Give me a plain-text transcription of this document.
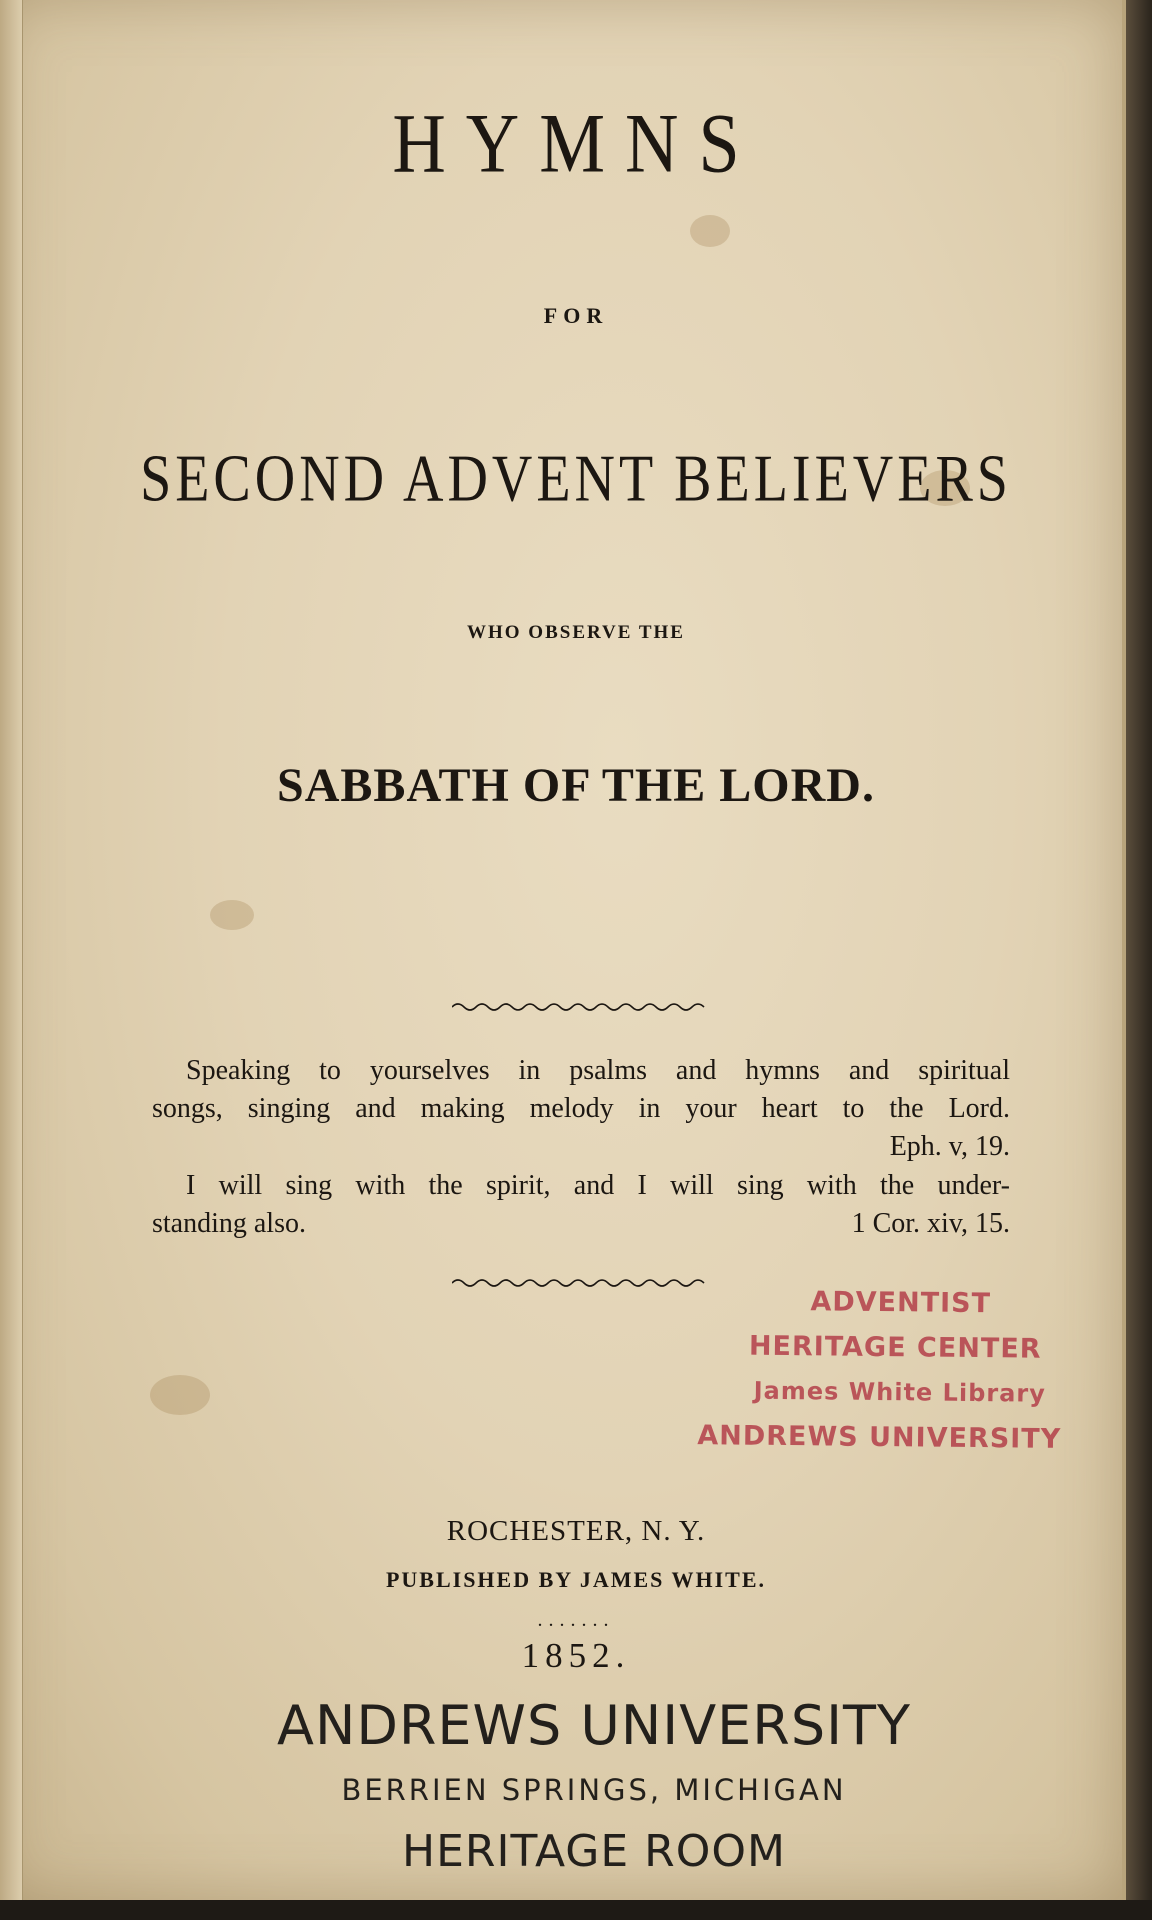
HYMNS
FOR
SECOND ADVENT BELIEVERS
WHO OBSERVE THE
SABBATH OF THE LORD.
Speaking to yourselves in psalms and hymns and spiritual
songs, singing and making melody in your heart to the Lord.
Eph. v, 19.
I will sing with the spirit, and I will sing with the under-
standing also.	1 Cor. xiv, 15.
ADVENTIST
HERITAGE CENTER
James White Library
ANDREWS UNIVERSITY
ROCHESTER, N. Y.
PUBLISHED BY JAMES WHITE.
.......
1852.
ANDREWS UNIVERSITY
BERRIEN SPRINGS, MICHIGAN
HERITAGE ROOM
